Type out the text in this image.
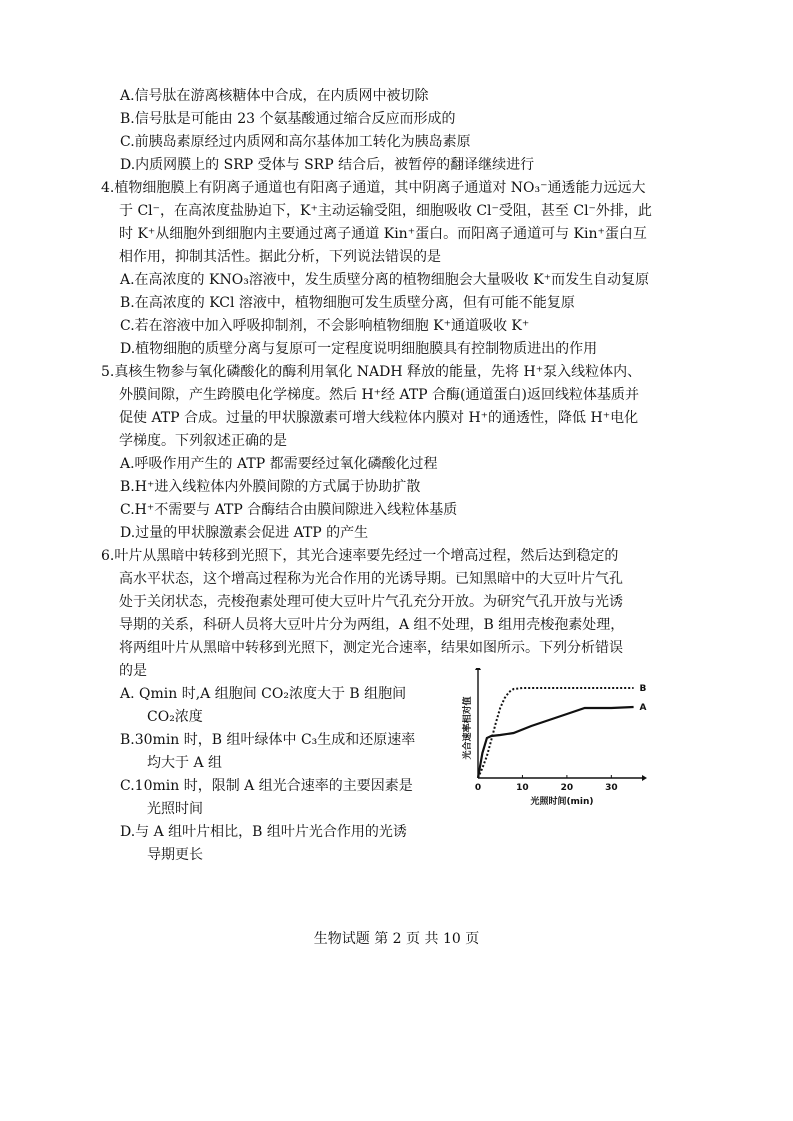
A.信号肽在游离核糖体中合成，在内质网中被切除
B.信号肽是可能由 23 个氨基酸通过缩合反应而形成的
C.前胰岛素原经过内质网和高尔基体加工转化为胰岛素原
D.内质网膜上的 SRP 受体与 SRP 结合后，被暂停的翻译继续进行
4.植物细胞膜上有阴离子通道也有阳离子通道，其中阴离子通道对 NO₃⁻通透能力远远大
于 Cl⁻，在高浓度盐胁迫下，K⁺主动运输受阻，细胞吸收 Cl⁻受阻，甚至 Cl⁻外排，此
时 K⁺从细胞外到细胞内主要通过离子通道 Kin⁺蛋白。而阳离子通道可与 Kin⁺蛋白互
相作用，抑制其活性。据此分析，下列说法错误的是
A.在高浓度的 KNO₃溶液中，发生质壁分离的植物细胞会大量吸收 K⁺而发生自动复原
B.在高浓度的 KCl 溶液中，植物细胞可发生质壁分离，但有可能不能复原
C.若在溶液中加入呼吸抑制剂，不会影响植物细胞 K⁺通道吸收 K⁺
D.植物细胞的质壁分离与复原可一定程度说明细胞膜具有控制物质进出的作用
5.真核生物参与氧化磷酸化的酶利用氧化 NADH 释放的能量，先将 H⁺泵入线粒体内、
外膜间隙，产生跨膜电化学梯度。然后 H⁺经 ATP 合酶(通道蛋白)返回线粒体基质并
促使 ATP 合成。过量的甲状腺激素可增大线粒体内膜对 H⁺的通透性，降低 H⁺电化
学梯度。下列叙述正确的是
A.呼吸作用产生的 ATP 都需要经过氧化磷酸化过程
B.H⁺进入线粒体内外膜间隙的方式属于协助扩散
C.H⁺不需要与 ATP 合酶结合由膜间隙进入线粒体基质
D.过量的甲状腺激素会促进 ATP 的产生
6.叶片从黑暗中转移到光照下，其光合速率要先经过一个增高过程，然后达到稳定的
高水平状态，这个增高过程称为光合作用的光诱导期。已知黑暗中的大豆叶片气孔
处于关闭状态，壳梭孢素处理可使大豆叶片气孔充分开放。为研究气孔开放与光诱
导期的关系，科研人员将大豆叶片分为两组，A 组不处理，B 组用壳梭孢素处理，
将两组叶片从黑暗中转移到光照下，测定光合速率，结果如图所示。下列分析错误
的是
A. Qmin 时,A 组胞间 CO₂浓度大于 B 组胞间
CO₂浓度
B.30min 时，B 组叶绿体中 C₃生成和还原速率
均大于 A 组
C.10min 时，限制 A 组光合速率的主要因素是
光照时间
D.与 A 组叶片相比，B 组叶片光合作用的光诱
导期更长
0	10	20	30
光照时间(min)
光合速率相对值
B
A
生物试题 第 2 页 共 10 页
